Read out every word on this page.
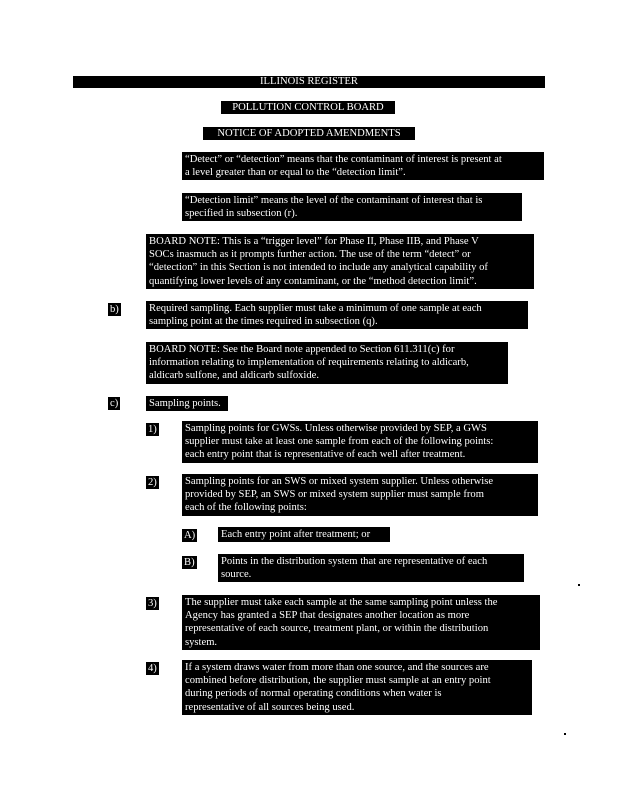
ILLINOIS REGISTER
POLLUTION CONTROL BOARD
NOTICE OF ADOPTED AMENDMENTS
“Detect” or “detection” means that the contaminant of interest is present at
a level greater than or equal to the “detection limit”.
“Detection limit” means the level of the contaminant of interest that is
specified in subsection (r).
BOARD NOTE: This is a “trigger level” for Phase II, Phase IIB, and Phase V
SOCs inasmuch as it prompts further action. The use of the term “detect” or
“detection” in this Section is not intended to include any analytical capability of
quantifying lower levels of any contaminant, or the “method detection limit”.
b)	Required sampling. Each supplier must take a minimum of one sample at each
sampling point at the times required in subsection (q).
BOARD NOTE: See the Board note appended to Section 611.311(c) for
information relating to implementation of requirements relating to aldicarb,
aldicarb sulfone, and aldicarb sulfoxide.
c)	Sampling points.
1)	Sampling points for GWSs. Unless otherwise provided by SEP, a GWS
supplier must take at least one sample from each of the following points:
each entry point that is representative of each well after treatment.
2)	Sampling points for an SWS or mixed system supplier. Unless otherwise
provided by SEP, an SWS or mixed system supplier must sample from
each of the following points:
A) Each entry point after treatment; or
B) Points in the distribution system that are representative of each
source.
3)	The supplier must take each sample at the same sampling point unless the
Agency has granted a SEP that designates another location as more
representative of each source, treatment plant, or within the distribution
system.
4)	If a system draws water from more than one source, and the sources are
combined before distribution, the supplier must sample at an entry point
during periods of normal operating conditions when water is
representative of all sources being used.
